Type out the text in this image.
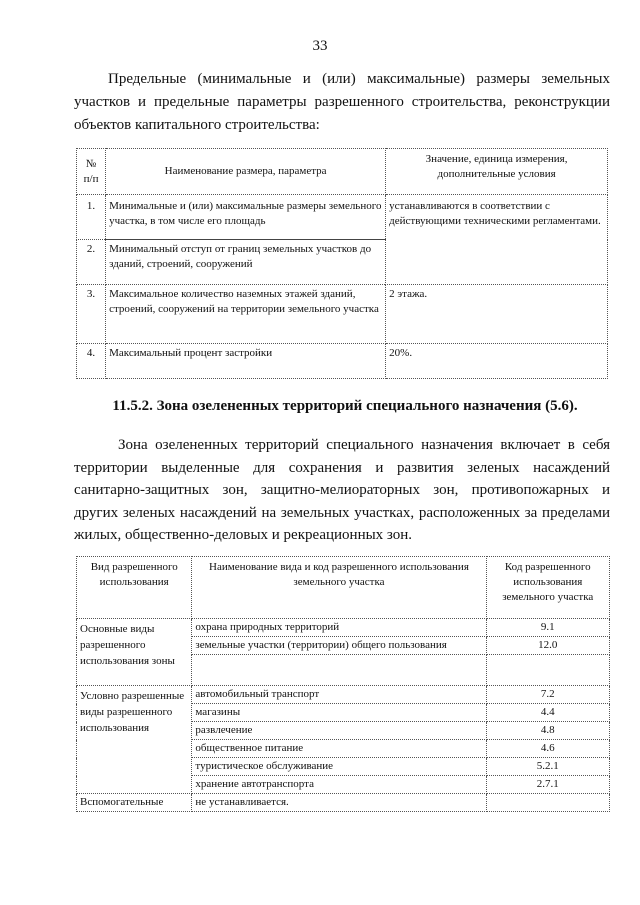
33

Предельные (минимальные и (или) максимальные) размеры земельных участков и предельные параметры разрешенного строительства, реконструкции объектов капитального строительства:

№ п/п	Наименование размера, параметра	Значение, единица измерения, дополнительные условия
1.	Минимальные и (или) максимальные размеры земельного участка, в том числе его площадь	устанавливаются в соответствии с действующими техническими регламентами.
2.	Минимальный отступ от границ земельных участков до зданий, строений, сооружений	
3.	Максимальное количество наземных этажей зданий, строений, сооружений на территории земельного участка	2 этажа.
4.	Максимальный процент застройки	20%.

11.5.2. Зона озелененных территорий специального назначения (5.6).

Зона озелененных территорий специального назначения включает в себя территории выделенные для сохранения и развития зеленых насаждений санитарно-защитных зон, защитно-мелиораторных зон, противопожарных и других зеленых насаждений на земельных участках, расположенных за пределами жилых, общественно-деловых и рекреационных зон.

Вид разрешенного использования	Наименование вида и код разрешенного использования земельного участка	Код разрешенного использования земельного участка
Основные виды разрешенного использования зоны	охрана природных территорий	9.1
	земельные участки (территории) общего пользования	12.0

Условно разрешенные виды разрешенного использования	автомобильный транспорт	7.2
	магазины	4.4
	развлечение	4.8
	общественное питание	4.6
	туристическое обслуживание	5.2.1
	хранение автотранспорта	2.7.1
Вспомогательные	не устанавливается.	
